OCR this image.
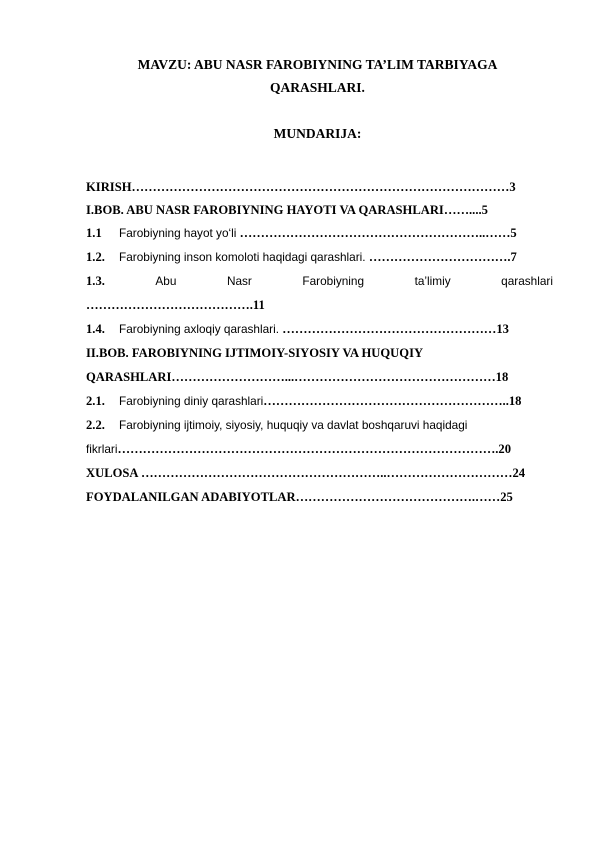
MAVZU: ABU NASR FAROBIYNING TA’LIM TARBIYAGA
QARASHLARI.
MUNDARIJA:
KIRISH………………………………………………………………………………3
I.BOB. ABU NASR FAROBIYNING HAYOTI VA QARASHLARI……....5
1.1 Farobiyning hayot yo‘li …………………………………………………..……5
1.2. Farobiyning inson komoloti haqidagi qarashlari. …………………………….7
1.3.	Abu	Nasr	Farobiyning	ta’limiy	qarashlari
………………………………….11
1.4. Farobiyning axloqiy qarashlari. ……………………………………………13
II.BOB. FAROBIYNING IJTIMOIY-SIYOSIY VA HUQUQIY
QARASHLARI………………………...…………………………………………18
2.1. Farobiyning diniy qarashlari…………………………………………………..18
2.2. Farobiyning ijtimoiy, siyosiy, huquqiy va davlat boshqaruvi haqidagi
fikrlari……………………………………………………………………………….20
XULOSA …………………………………………………..…………………………24
FOYDALANILGAN ADABIYOTLAR…………………………………….……25
